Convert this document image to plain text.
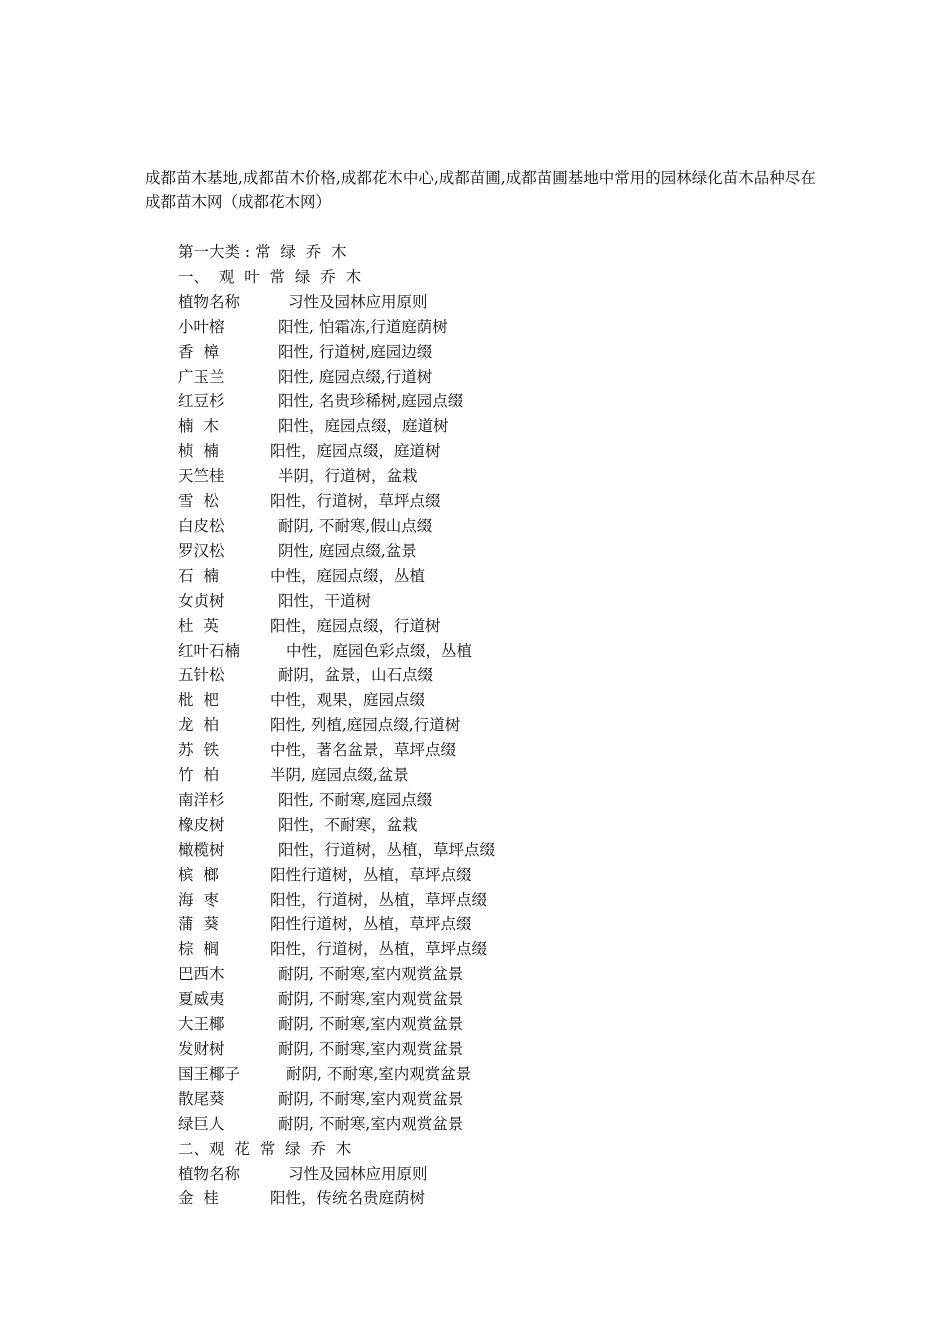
成都苗木基地,成都苗木价格,成都花木中心,成都苗圃,成都苗圃基地中常用的园林绿化苗木品种尽在成都苗木网（成都花木网）

第一大类 : 常  绿  乔  木
一、  观  叶  常  绿  乔  木
植物名称	习性及园林应用原则
小叶榕	阳性, 怕霜冻,行道庭荫树
香  樟	阳性, 行道树,庭园边缀
广玉兰	阳性, 庭园点缀,行道树
红豆杉	阳性, 名贵珍稀树,庭园点缀
楠  木	阳性，庭园点缀，庭道树
桢  楠	阳性，庭园点缀，庭道树
天竺桂	半阴，行道树，盆栽
雪  松	阳性，行道树，草坪点缀
白皮松	耐阴, 不耐寒,假山点缀
罗汉松	阴性, 庭园点缀,盆景
石  楠	中性，庭园点缀，丛植
女贞树	阳性，干道树
杜  英	阳性，庭园点缀，行道树
红叶石楠	中性，庭园色彩点缀，丛植
五针松	耐阴，盆景，山石点缀
枇  杷	中性，观果，庭园点缀
龙  柏	阳性, 列植,庭园点缀,行道树
苏  铁	中性，著名盆景，草坪点缀
竹  柏	半阴, 庭园点缀,盆景
南洋杉	阳性, 不耐寒,庭园点缀
橡皮树	阳性，不耐寒，盆栽
橄榄树	阳性，行道树，丛植，草坪点缀
槟  榔	阳性行道树，丛植，草坪点缀
海  枣	阳性，行道树，丛植，草坪点缀
蒲  葵	阳性行道树，丛植，草坪点缀
棕  榈	阳性，行道树，丛植，草坪点缀
巴西木	耐阴, 不耐寒,室内观赏盆景
夏威夷	耐阴, 不耐寒,室内观赏盆景
大王椰	耐阴, 不耐寒,室内观赏盆景
发财树	耐阴, 不耐寒,室内观赏盆景
国王椰子	耐阴, 不耐寒,室内观赏盆景
散尾葵	耐阴, 不耐寒,室内观赏盆景
绿巨人	耐阴, 不耐寒,室内观赏盆景
二、观  花  常  绿  乔  木
植物名称	习性及园林应用原则
金  桂	阳性，传统名贵庭荫树
